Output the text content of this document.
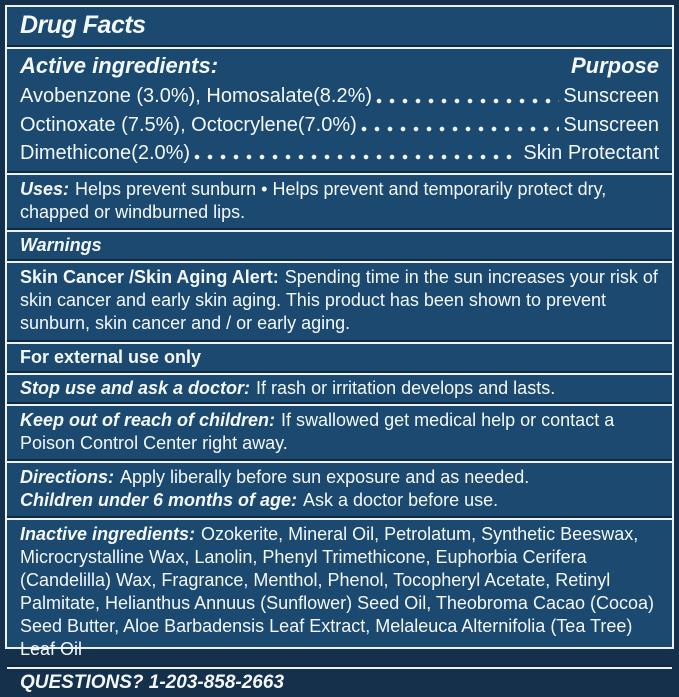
Drug Facts
Active ingredients:	Purpose
Avobenzone (3.0%), Homosalate(8.2%)	Sunscreen
Octinoxate (7.5%), Octocrylene(7.0%)	Sunscreen
Dimethicone(2.0%)	Skin Protectant
Uses: Helps prevent sunburn • Helps prevent and temporarily protect dry, chapped or windburned lips.
Warnings
Skin Cancer /Skin Aging Alert: Spending time in the sun increases your risk of skin cancer and early skin aging. This product has been shown to prevent sunburn, skin cancer and / or early aging.
For external use only
Stop use and ask a doctor: If rash or irritation develops and lasts.
Keep out of reach of children: If swallowed get medical help or contact a Poison Control Center right away.
Directions: Apply liberally before sun exposure and as needed.
Children under 6 months of age: Ask a doctor before use.
Inactive ingredients: Ozokerite, Mineral Oil, Petrolatum, Synthetic Beeswax, Microcrystalline Wax, Lanolin, Phenyl Trimethicone, Euphorbia Cerifera (Candelilla) Wax, Fragrance, Menthol, Phenol, Tocopheryl Acetate, Retinyl Palmitate, Helianthus Annuus (Sunflower) Seed Oil, Theobroma Cacao (Cocoa) Seed Butter, Aloe Barbadensis Leaf Extract, Melaleuca Alternifolia (Tea Tree) Leaf Oil
QUESTIONS? 1-203-858-2663
